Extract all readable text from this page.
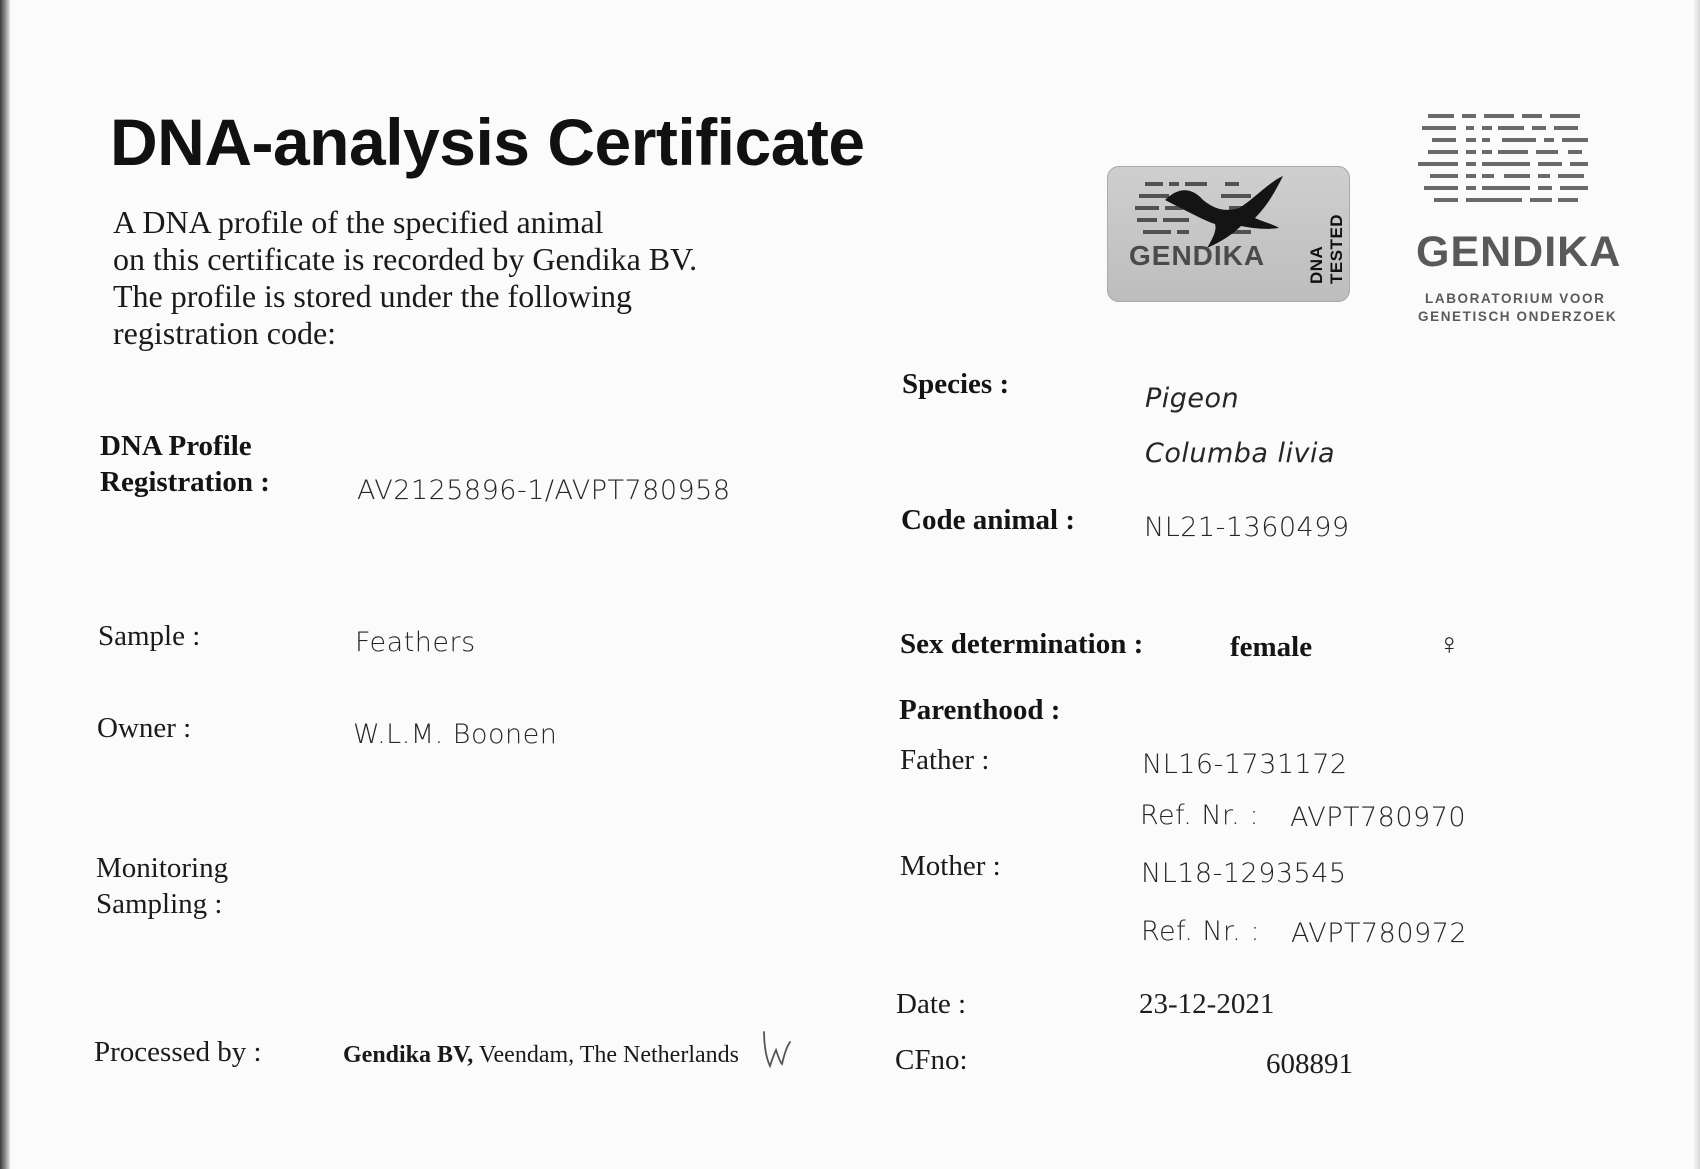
DNA-analysis Certificate
A DNA profile of the specified animal
on this certificate is recorded by Gendika BV.
The profile is stored under the following
registration code:
GENDIKA DNA TESTED GENDIKA
LABORATORIUM VOOR
GENETISCH ONDERZOEK
DNA Profile
Registration :	AV2125896-1/AVPT780958
Sample :	Feathers
Owner :	W.L.M. Boonen
Monitoring
Sampling :
Processed by :	Gendika BV, Veendam, The Netherlands
Species :	Pigeon
Columba livia
Code animal :	NL21-1360499
Sex determination :	female	♀
Parenthood :
Father :	NL16-1731172
Ref. Nr. : AVPT780970
Mother :	NL18-1293545
Ref. Nr. : AVPT780972
Date :	23-12-2021
CFno:	608891
